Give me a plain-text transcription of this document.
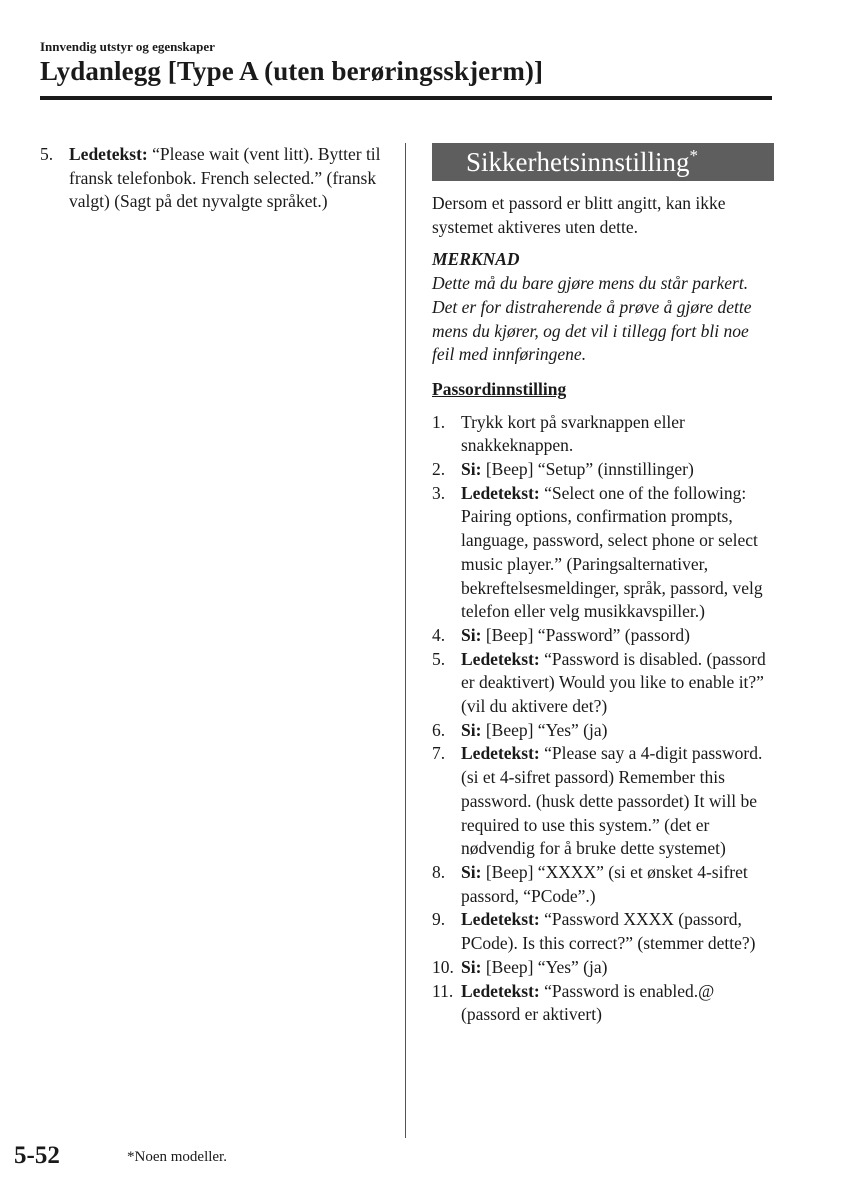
Innvendig utstyr og egenskaper
Lydanlegg [Type A (uten berøringsskjerm)]
5. Ledetekst: “Please wait (vent litt). Bytter til fransk telefonbok. French selected.” (fransk valgt) (Sagt på det nyvalgte språket.)
Sikkerhetsinnstilling*
Dersom et passord er blitt angitt, kan ikke systemet aktiveres uten dette.
MERKNAD
Dette må du bare gjøre mens du står parkert. Det er for distraherende å prøve å gjøre dette mens du kjører, og det vil i tillegg fort bli noe feil med innføringene.
Passordinnstilling
1. Trykk kort på svarknappen eller snakkeknappen.
2. Si: [Beep] “Setup” (innstillinger)
3. Ledetekst: “Select one of the following: Pairing options, confirmation prompts, language, password, select phone or select music player.” (Paringsalternativer, bekreftelsesmeldinger, språk, passord, velg telefon eller velg musikkavspiller.)
4. Si: [Beep] “Password” (passord)
5. Ledetekst: “Password is disabled. (passord er deaktivert) Would you like to enable it?” (vil du aktivere det?)
6. Si: [Beep] “Yes” (ja)
7. Ledetekst: “Please say a 4-digit password. (si et 4-sifret passord) Remember this password. (husk dette passordet) It will be required to use this system.” (det er nødvendig for å bruke dette systemet)
8. Si: [Beep] “XXXX” (si et ønsket 4-sifret passord, “PCode”.)
9. Ledetekst: “Password XXXX (passord, PCode). Is this correct?” (stemmer dette?)
10. Si: [Beep] “Yes” (ja)
11. Ledetekst: “Password is enabled.@ (passord er aktivert)
5-52	*Noen modeller.
